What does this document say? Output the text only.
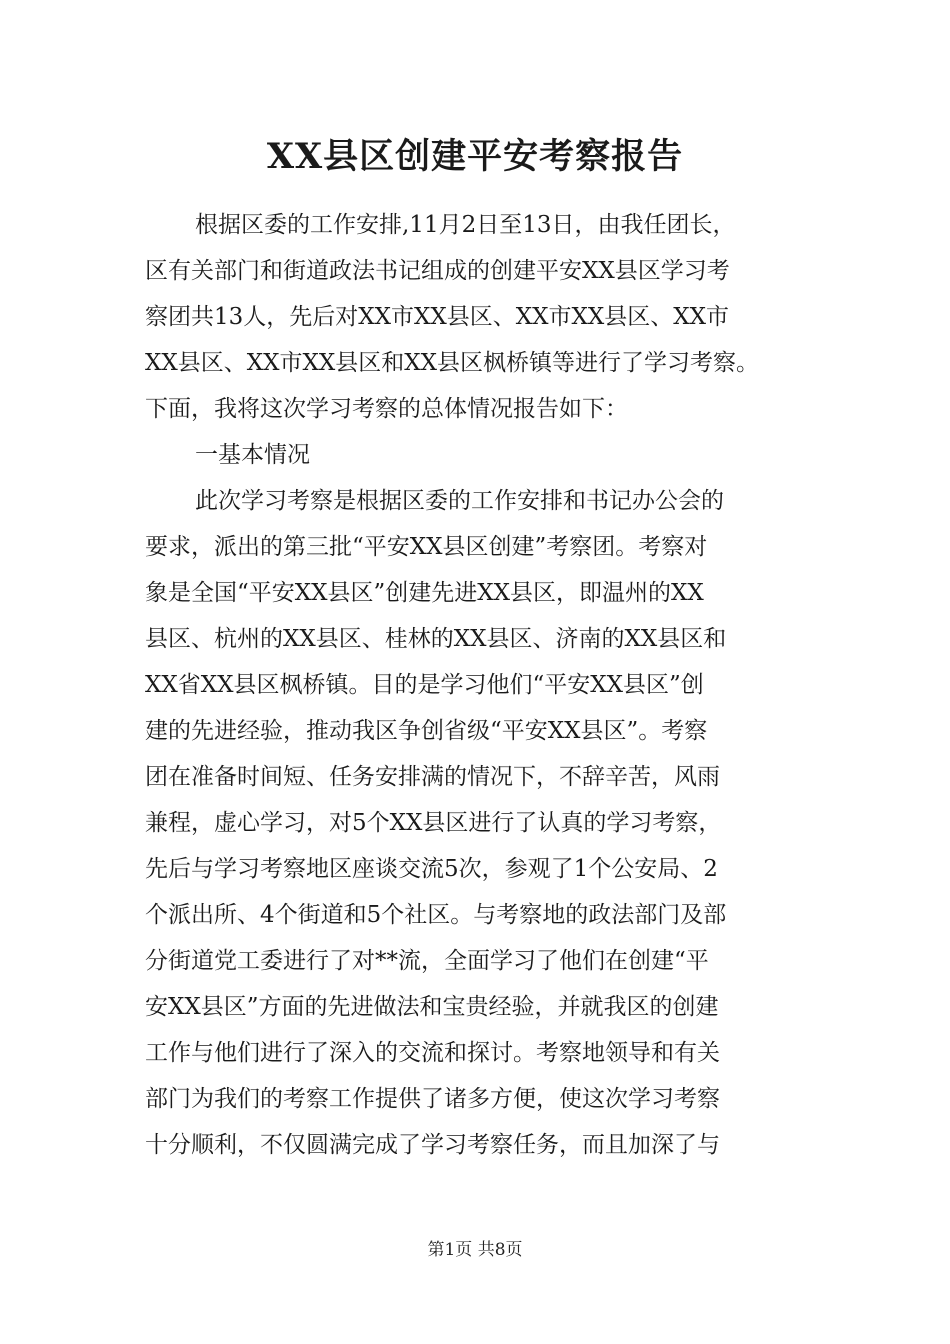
XX县区创建平安考察报告
根据区委的工作安排,11月2日至13日，由我任团长，
区有关部门和街道政法书记组成的创建平安XX县区学习考
察团共13人，先后对XX市XX县区、XX市XX县区、XX市
XX县区、XX市XX县区和XX县区枫桥镇等进行了学习考察。
下面，我将这次学习考察的总体情况报告如下：
一基本情况
此次学习考察是根据区委的工作安排和书记办公会的
要求，派出的第三批“平安XX县区创建”考察团。考察对
象是全国“平安XX县区”创建先进XX县区，即温州的XX
县区、杭州的XX县区、桂林的XX县区、济南的XX县区和
XX省XX县区枫桥镇。目的是学习他们“平安XX县区”创
建的先进经验，推动我区争创省级“平安XX县区”。考察
团在准备时间短、任务安排满的情况下，不辞辛苦，风雨
兼程，虚心学习，对5个XX县区进行了认真的学习考察，
先后与学习考察地区座谈交流5次，参观了1个公安局、2
个派出所、4个街道和5个社区。与考察地的政法部门及部
分街道党工委进行了对**流，全面学习了他们在创建“平
安XX县区”方面的先进做法和宝贵经验，并就我区的创建
工作与他们进行了深入的交流和探讨。考察地领导和有关
部门为我们的考察工作提供了诸多方便，使这次学习考察
十分顺利，不仅圆满完成了学习考察任务，而且加深了与
第1页 共8页
